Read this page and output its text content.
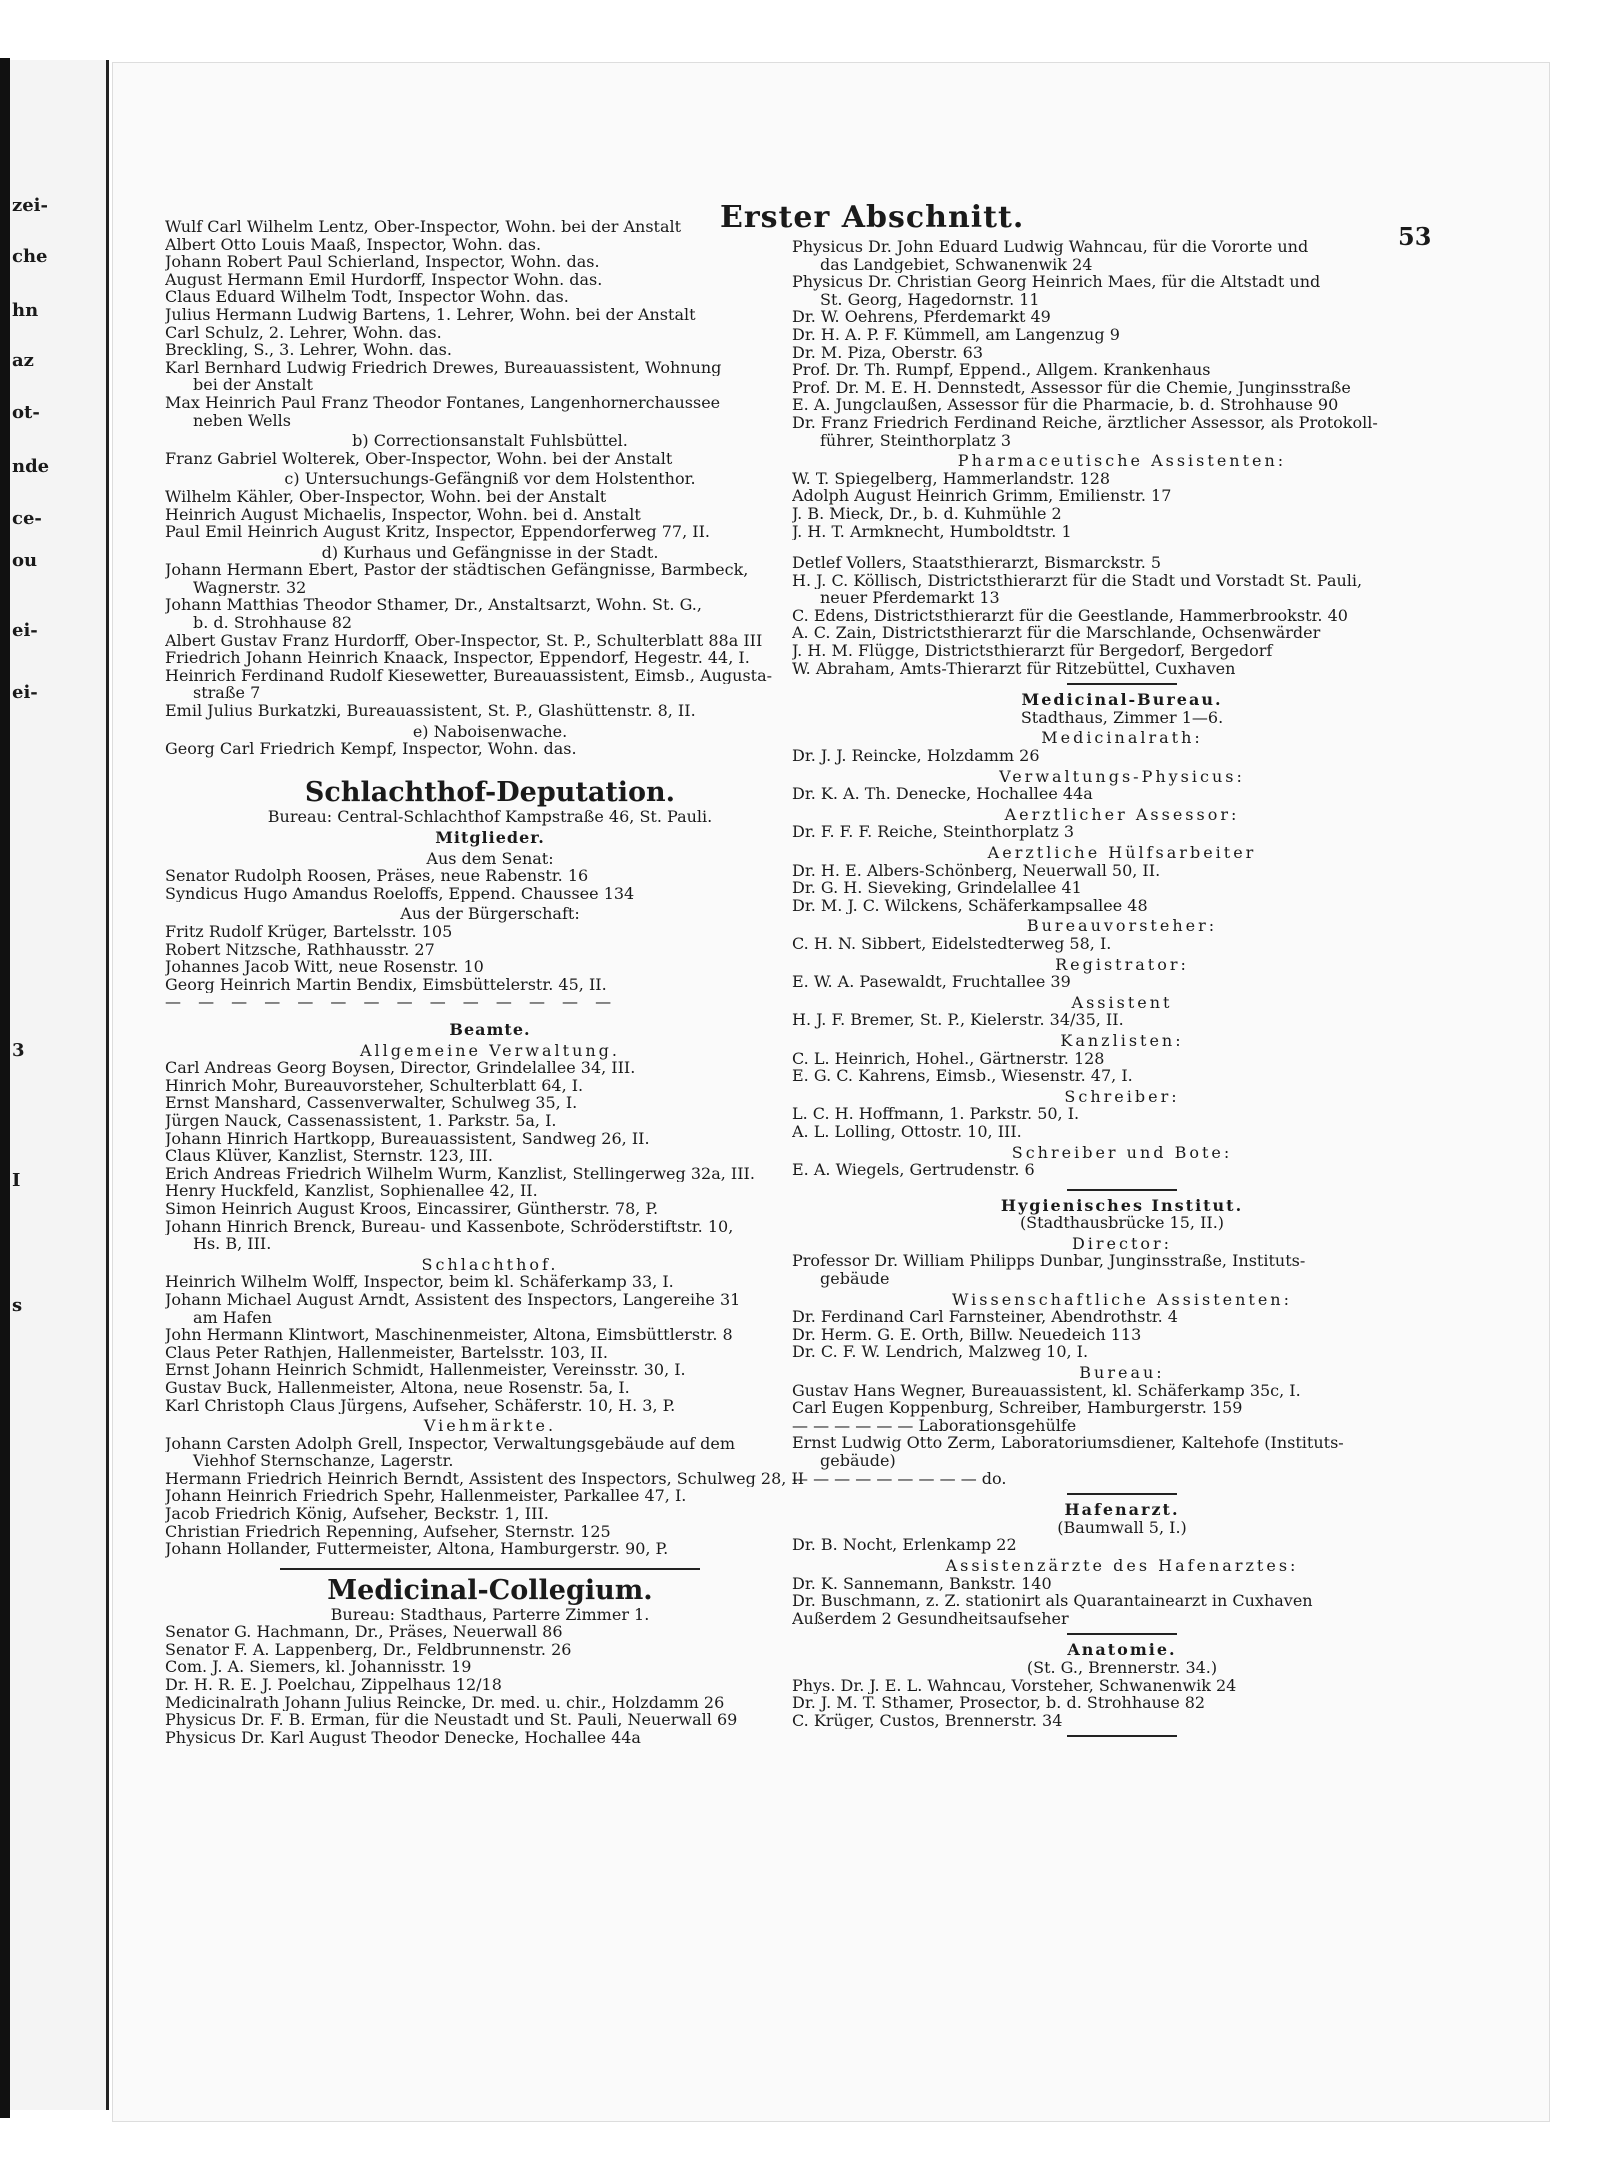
zei-
che
hn
az
ot-
nde
ce-
ou
ei-
ei-
3
I
s
Erster Abschnitt.
53
Wulf Carl Wilhelm Lentz, Ober-Inspector, Wohn. bei der Anstalt
Albert Otto Louis Maaß, Inspector, Wohn. das.
Johann Robert Paul Schierland, Inspector, Wohn. das.
August Hermann Emil Hurdorff, Inspector Wohn. das.
Claus Eduard Wilhelm Todt, Inspector Wohn. das.
Julius Hermann Ludwig Bartens, 1. Lehrer, Wohn. bei der Anstalt
Carl Schulz, 2. Lehrer, Wohn. das.
Breckling, S., 3. Lehrer, Wohn. das.
Karl Bernhard Ludwig Friedrich Drewes, Bureauassistent, Wohnung
bei der Anstalt
Max Heinrich Paul Franz Theodor Fontanes, Langenhornerchaussee
neben Wells
b) Correctionsanstalt Fuhlsbüttel.
Franz Gabriel Wolterek, Ober-Inspector, Wohn. bei der Anstalt
c) Untersuchungs-Gefängniß vor dem Holstenthor.
Wilhelm Kähler, Ober-Inspector, Wohn. bei der Anstalt
Heinrich August Michaelis, Inspector, Wohn. bei d. Anstalt
Paul Emil Heinrich August Kritz, Inspector, Eppendorferweg 77, II.
d) Kurhaus und Gefängnisse in der Stadt.
Johann Hermann Ebert, Pastor der städtischen Gefängnisse, Barmbeck,
Wagnerstr. 32
Johann Matthias Theodor Sthamer, Dr., Anstaltsarzt, Wohn. St. G.,
b. d. Strohhause 82
Albert Gustav Franz Hurdorff, Ober-Inspector, St. P., Schulterblatt 88a III
Friedrich Johann Heinrich Knaack, Inspector, Eppendorf, Hegestr. 44, I.
Heinrich Ferdinand Rudolf Kiesewetter, Bureauassistent, Eimsb., Augusta-
straße 7
Emil Julius Burkatzki, Bureauassistent, St. P., Glashüttenstr. 8, II.
e) Naboisenwache.
Georg Carl Friedrich Kempf, Inspector, Wohn. das.
Schlachthof-Deputation.
Bureau: Central-Schlachthof Kampstraße 46, St. Pauli.
Mitglieder.
Aus dem Senat:
Senator Rudolph Roosen, Präses, neue Rabenstr. 16
Syndicus Hugo Amandus Roeloffs, Eppend. Chaussee 134
Aus der Bürgerschaft:
Fritz Rudolf Krüger, Bartelsstr. 105
Robert Nitzsche, Rathhausstr. 27
Johannes Jacob Witt, neue Rosenstr. 10
Georg Heinrich Martin Bendix, Eimsbüttelerstr. 45, II.
— — — — — — — — — — — — — —
Beamte.
Allgemeine Verwaltung.
Carl Andreas Georg Boysen, Director, Grindelallee 34, III.
Hinrich Mohr, Bureauvorsteher, Schulterblatt 64, I.
Ernst Manshard, Cassenverwalter, Schulweg 35, I.
Jürgen Nauck, Cassenassistent, 1. Parkstr. 5a, I.
Johann Hinrich Hartkopp, Bureauassistent, Sandweg 26, II.
Claus Klüver, Kanzlist, Sternstr. 123, III.
Erich Andreas Friedrich Wilhelm Wurm, Kanzlist, Stellingerweg 32a, III.
Henry Huckfeld, Kanzlist, Sophienallee 42, II.
Simon Heinrich August Kroos, Eincassirer, Güntherstr. 78, P.
Johann Hinrich Brenck, Bureau- und Kassenbote, Schröderstiftstr. 10,
Hs. B, III.
Schlachthof.
Heinrich Wilhelm Wolff, Inspector, beim kl. Schäferkamp 33, I.
Johann Michael August Arndt, Assistent des Inspectors, Langereihe 31
am Hafen
John Hermann Klintwort, Maschinenmeister, Altona, Eimsbüttlerstr. 8
Claus Peter Rathjen, Hallenmeister, Bartelsstr. 103, II.
Ernst Johann Heinrich Schmidt, Hallenmeister, Vereinsstr. 30, I.
Gustav Buck, Hallenmeister, Altona, neue Rosenstr. 5a, I.
Karl Christoph Claus Jürgens, Aufseher, Schäferstr. 10, H. 3, P.
Viehmärkte.
Johann Carsten Adolph Grell, Inspector, Verwaltungsgebäude auf dem
Viehhof Sternschanze, Lagerstr.
Hermann Friedrich Heinrich Berndt, Assistent des Inspectors, Schulweg 28, II
Johann Heinrich Friedrich Spehr, Hallenmeister, Parkallee 47, I.
Jacob Friedrich König, Aufseher, Beckstr. 1, III.
Christian Friedrich Repenning, Aufseher, Sternstr. 125
Johann Hollander, Futtermeister, Altona, Hamburgerstr. 90, P.
Medicinal-Collegium.
Bureau: Stadthaus, Parterre Zimmer 1.
Senator G. Hachmann, Dr., Präses, Neuerwall 86
Senator F. A. Lappenberg, Dr., Feldbrunnenstr. 26
Com. J. A. Siemers, kl. Johannisstr. 19
Dr. H. R. E. J. Poelchau, Zippelhaus 12/18
Medicinalrath Johann Julius Reincke, Dr. med. u. chir., Holzdamm 26
Physicus Dr. F. B. Erman, für die Neustadt und St. Pauli, Neuerwall 69
Physicus Dr. Karl August Theodor Denecke, Hochallee 44a
Physicus Dr. John Eduard Ludwig Wahncau, für die Vororte und
das Landgebiet, Schwanenwik 24
Physicus Dr. Christian Georg Heinrich Maes, für die Altstadt und
St. Georg, Hagedornstr. 11
Dr. W. Oehrens, Pferdemarkt 49
Dr. H. A. P. F. Kümmell, am Langenzug 9
Dr. M. Piza, Oberstr. 63
Prof. Dr. Th. Rumpf, Eppend., Allgem. Krankenhaus
Prof. Dr. M. E. H. Dennstedt, Assessor für die Chemie, Junginsstraße
E. A. Jungclaußen, Assessor für die Pharmacie, b. d. Strohhause 90
Dr. Franz Friedrich Ferdinand Reiche, ärztlicher Assessor, als Protokoll-
führer, Steinthorplatz 3
Pharmaceutische Assistenten:
W. T. Spiegelberg, Hammerlandstr. 128
Adolph August Heinrich Grimm, Emilienstr. 17
J. B. Mieck, Dr., b. d. Kuhmühle 2
J. H. T. Armknecht, Humboldtstr. 1
Detlef Vollers, Staatsthierarzt, Bismarckstr. 5
H. J. C. Köllisch, Districtsthierarzt für die Stadt und Vorstadt St. Pauli,
neuer Pferdemarkt 13
C. Edens, Districtsthierarzt für die Geestlande, Hammerbrookstr. 40
A. C. Zain, Districtsthierarzt für die Marschlande, Ochsenwärder
J. H. M. Flügge, Districtsthierarzt für Bergedorf, Bergedorf
W. Abraham, Amts-Thierarzt für Ritzebüttel, Cuxhaven
Medicinal-Bureau.
Stadthaus, Zimmer 1—6.
Medicinalrath:
Dr. J. J. Reincke, Holzdamm 26
Verwaltungs-Physicus:
Dr. K. A. Th. Denecke, Hochallee 44a
Aerztlicher Assessor:
Dr. F. F. F. Reiche, Steinthorplatz 3
Aerztliche Hülfsarbeiter
Dr. H. E. Albers-Schönberg, Neuerwall 50, II.
Dr. G. H. Sieveking, Grindelallee 41
Dr. M. J. C. Wilckens, Schäferkampsallee 48
Bureauvorsteher:
C. H. N. Sibbert, Eidelstedterweg 58, I.
Registrator:
E. W. A. Pasewaldt, Fruchtallee 39
Assistent
H. J. F. Bremer, St. P., Kielerstr. 34/35, II.
Kanzlisten:
C. L. Heinrich, Hohel., Gärtnerstr. 128
E. G. C. Kahrens, Eimsb., Wiesenstr. 47, I.
Schreiber:
L. C. H. Hoffmann, 1. Parkstr. 50, I.
A. L. Lolling, Ottostr. 10, III.
Schreiber und Bote:
E. A. Wiegels, Gertrudenstr. 6
Hygienisches Institut.
(Stadthausbrücke 15, II.)
Director:
Professor Dr. William Philipps Dunbar, Junginsstraße, Instituts-
gebäude
Wissenschaftliche Assistenten:
Dr. Ferdinand Carl Farnsteiner, Abendrothstr. 4
Dr. Herm. G. E. Orth, Billw. Neuedeich 113
Dr. C. F. W. Lendrich, Malzweg 10, I.
Bureau:
Gustav Hans Wegner, Bureauassistent, kl. Schäferkamp 35c, I.
Carl Eugen Koppenburg, Schreiber, Hamburgerstr. 159
— — — — — — Laborationsgehülfe
Ernst Ludwig Otto Zerm, Laboratoriumsdiener, Kaltehofe (Instituts-
gebäude)
— — — — — — — — — do.
Hafenarzt.
(Baumwall 5, I.)
Dr. B. Nocht, Erlenkamp 22
Assistenzärzte des Hafenarztes:
Dr. K. Sannemann, Bankstr. 140
Dr. Buschmann, z. Z. stationirt als Quarantainearzt in Cuxhaven
Außerdem 2 Gesundheitsaufseher
Anatomie.
(St. G., Brennerstr. 34.)
Phys. Dr. J. E. L. Wahncau, Vorsteher, Schwanenwik 24
Dr. J. M. T. Sthamer, Prosector, b. d. Strohhause 82
C. Krüger, Custos, Brennerstr. 34
